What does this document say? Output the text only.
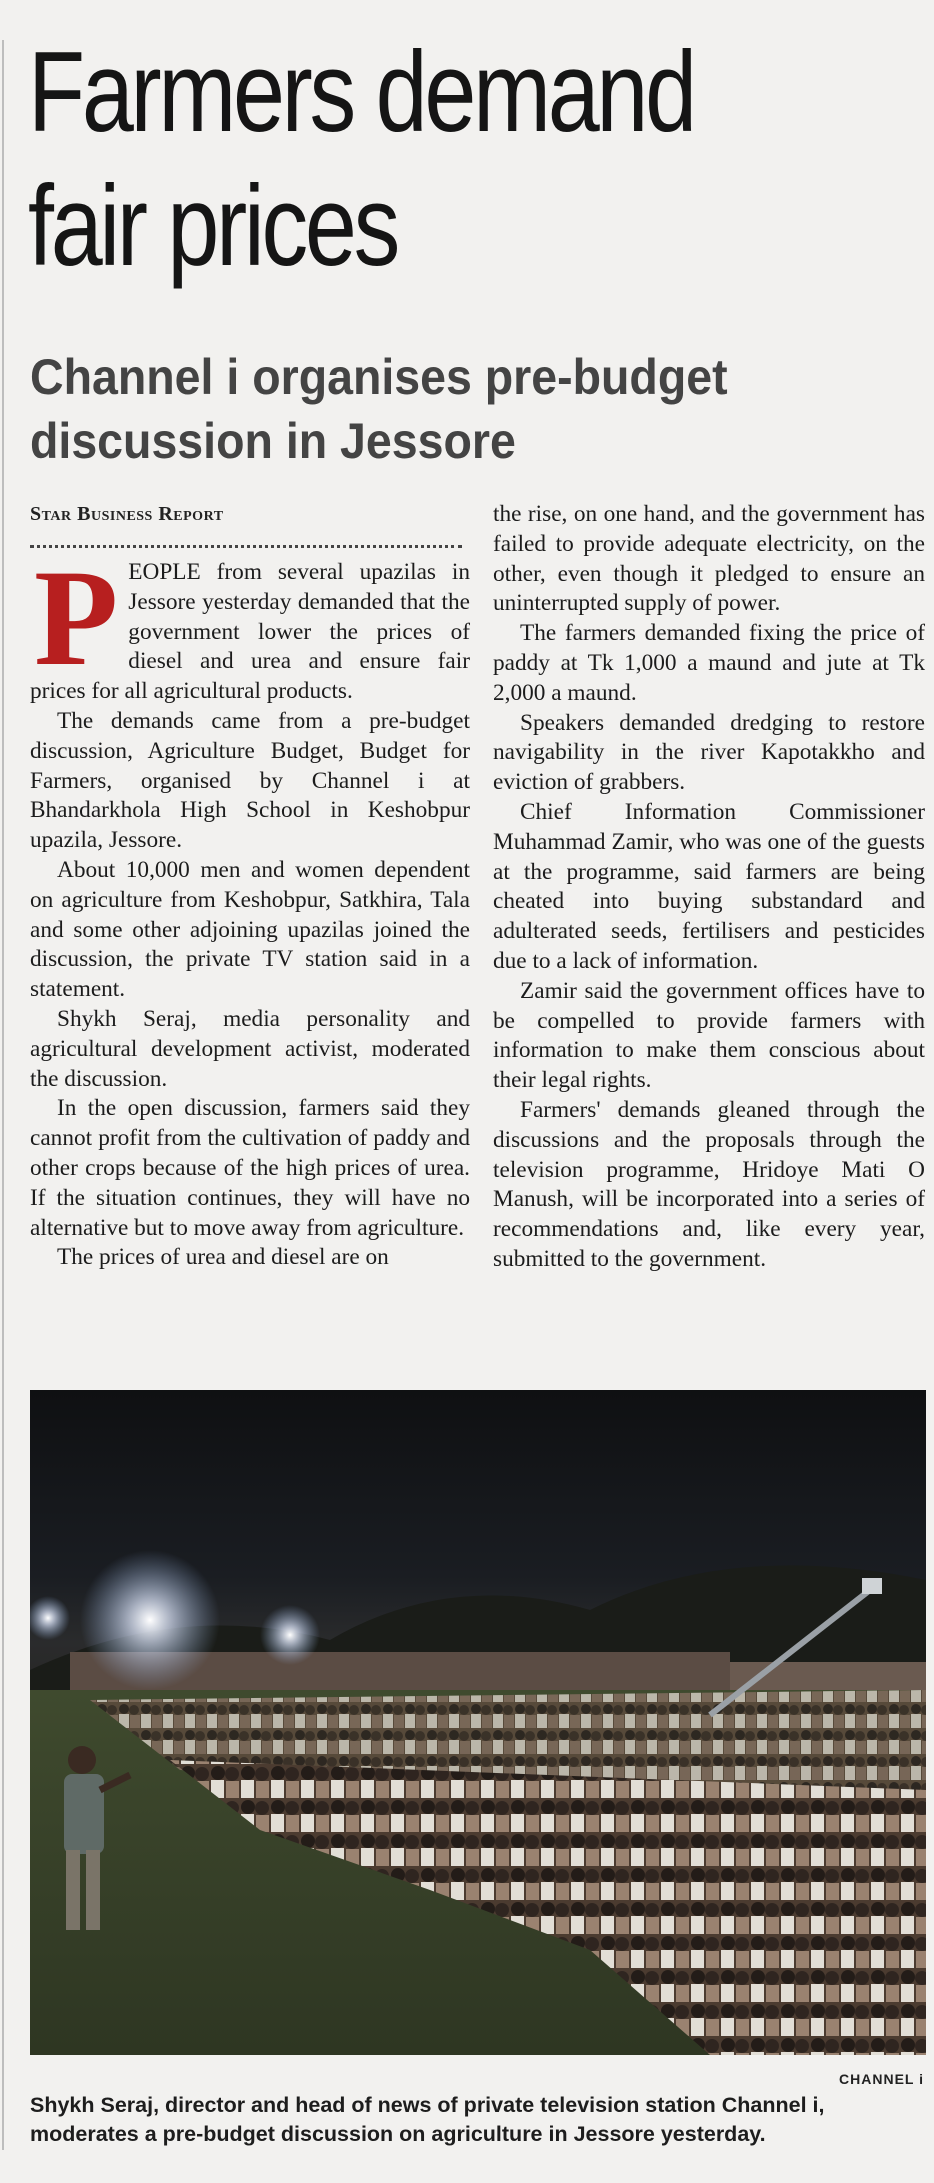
Farmers demand
fair prices
Channel i organises pre-budget
discussion in Jessore
Star Business Report

PEOPLE from several upazilas in Jessore yesterday demanded that the government lower the prices of diesel and urea and ensure fair prices for all agricultural products.

The demands came from a pre-budget discussion, Agriculture Budget, Budget for Farmers, organised by Channel i at Bhandarkhola High School in Keshobpur upazila, Jessore.

About 10,000 men and women dependent on agriculture from Keshobpur, Satkhira, Tala and some other adjoining upazilas joined the discussion, the private TV station said in a statement.

Shykh Seraj, media personality and agricultural development activist, moderated the discussion.

In the open discussion, farmers said they cannot profit from the cultivation of paddy and other crops because of the high prices of urea. If the situation continues, they will have no alternative but to move away from agriculture.

The prices of urea and diesel are on

the rise, on one hand, and the government has failed to provide adequate electricity, on the other, even though it pledged to ensure an uninterrupted supply of power.

The farmers demanded fixing the price of paddy at Tk 1,000 a maund and jute at Tk 2,000 a maund.

Speakers demanded dredging to restore navigability in the river Kapotakkho and eviction of grabbers.

Chief Information Commissioner Muhammad Zamir, who was one of the guests at the programme, said farmers are being cheated into buying substandard and adulterated seeds, fertilisers and pesticides due to a lack of information.

Zamir said the government offices have to be compelled to provide farmers with information to make them conscious about their legal rights.

Farmers' demands gleaned through the discussions and the proposals through the television programme, Hridoye Mati O Manush, will be incorporated into a series of recommendations and, like every year, submitted to the government.

CHANNEL i
Shykh Seraj, director and head of news of private television station Channel i, moderates a pre-budget discussion on agriculture in Jessore yesterday.
